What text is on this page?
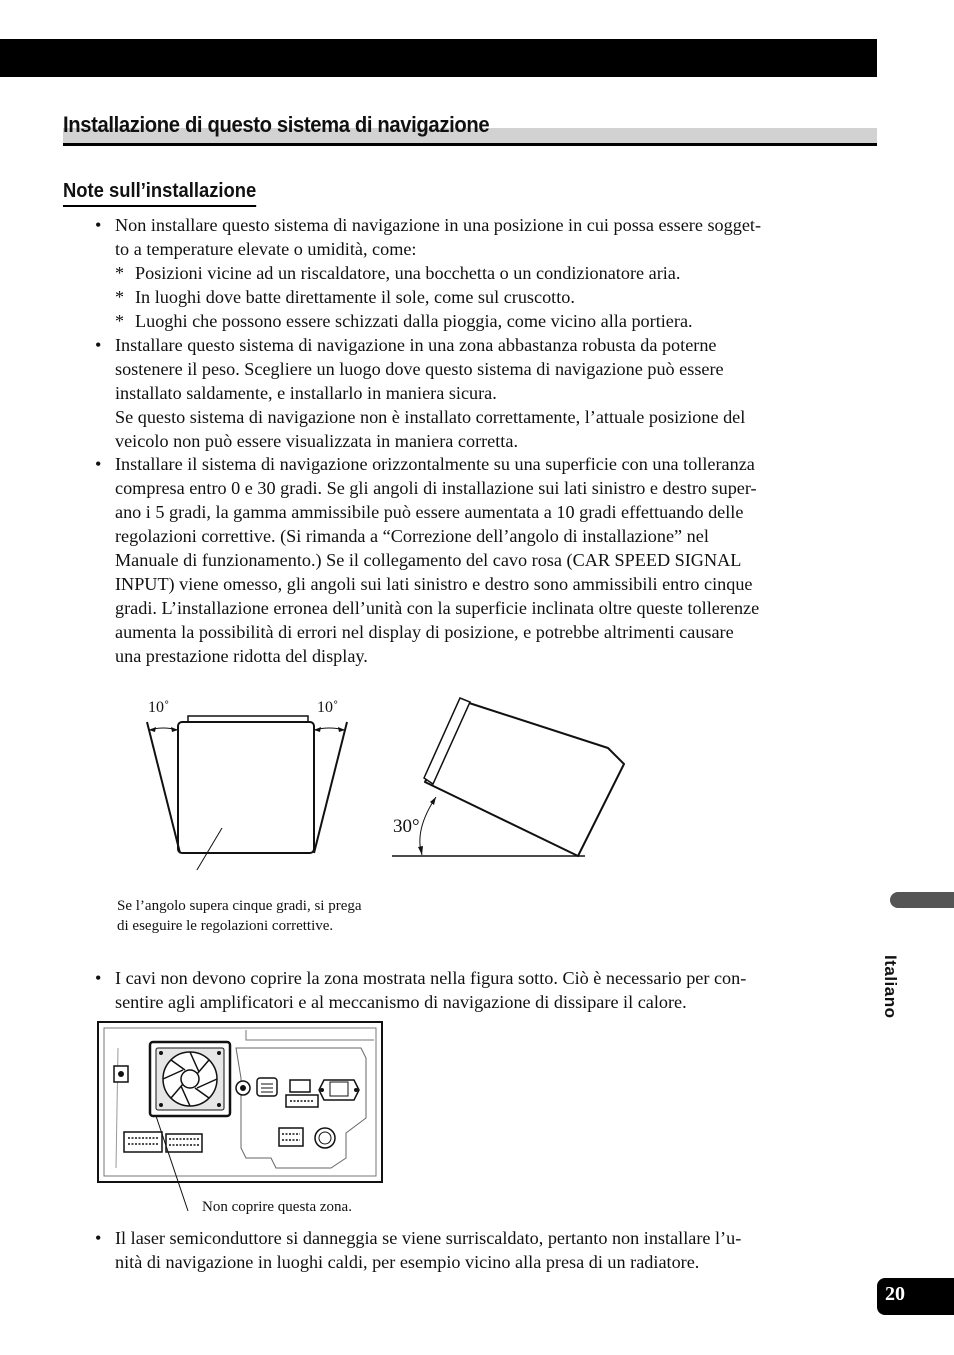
Installazione di questo sistema di navigazione
Note sull’installazione
• Non installare questo sistema di navigazione in una posizione in cui possa essere sogget-
to a temperature elevate o umidità, come:
* Posizioni vicine ad un riscaldatore, una bocchetta o un condizionatore aria.
* In luoghi dove batte direttamente il sole, come sul cruscotto.
* Luoghi che possono essere schizzati dalla pioggia, come vicino alla portiera.
• Installare questo sistema di navigazione in una zona abbastanza robusta da poterne
sostenere il peso. Scegliere un luogo dove questo sistema di navigazione può essere
installato saldamente, e installarlo in maniera sicura.
Se questo sistema di navigazione non è installato correttamente, l’attuale posizione del
veicolo non può essere visualizzata in maniera corretta.
• Installare il sistema di navigazione orizzontalmente su una superficie con una tolleranza
compresa entro 0 e 30 gradi. Se gli angoli di installazione sui lati sinistro e destro super-
ano i 5 gradi, la gamma ammissibile può essere aumentata a 10 gradi effettuando delle
regolazioni correttive. (Si rimanda a “Correzione dell’angolo di installazione” nel
Manuale di funzionamento.) Se il collegamento del cavo rosa (CAR SPEED SIGNAL
INPUT) viene omesso, gli angoli sui lati sinistro e destro sono ammissibili entro cinque
gradi. L’installazione erronea dell’unità con la superficie inclinata oltre queste tollerenze
aumenta la possibilità di errori nel display di posizione, e potrebbe altrimenti causare
una prestazione ridotta del display.
10˚	10˚
30°
Se l’angolo supera cinque gradi, si prega
di eseguire le regolazioni correttive.
• I cavi non devono coprire la zona mostrata nella figura sotto. Ciò è necessario per con-
sentire agli amplificatori e al meccanismo di navigazione di dissipare il calore.
Non coprire questa zona.
• Il laser semiconduttore si danneggia se viene surriscaldato, pertanto non installare l’u-
nità di navigazione in luoghi caldi, per esempio vicino alla presa di un radiatore.
Italiano
20
